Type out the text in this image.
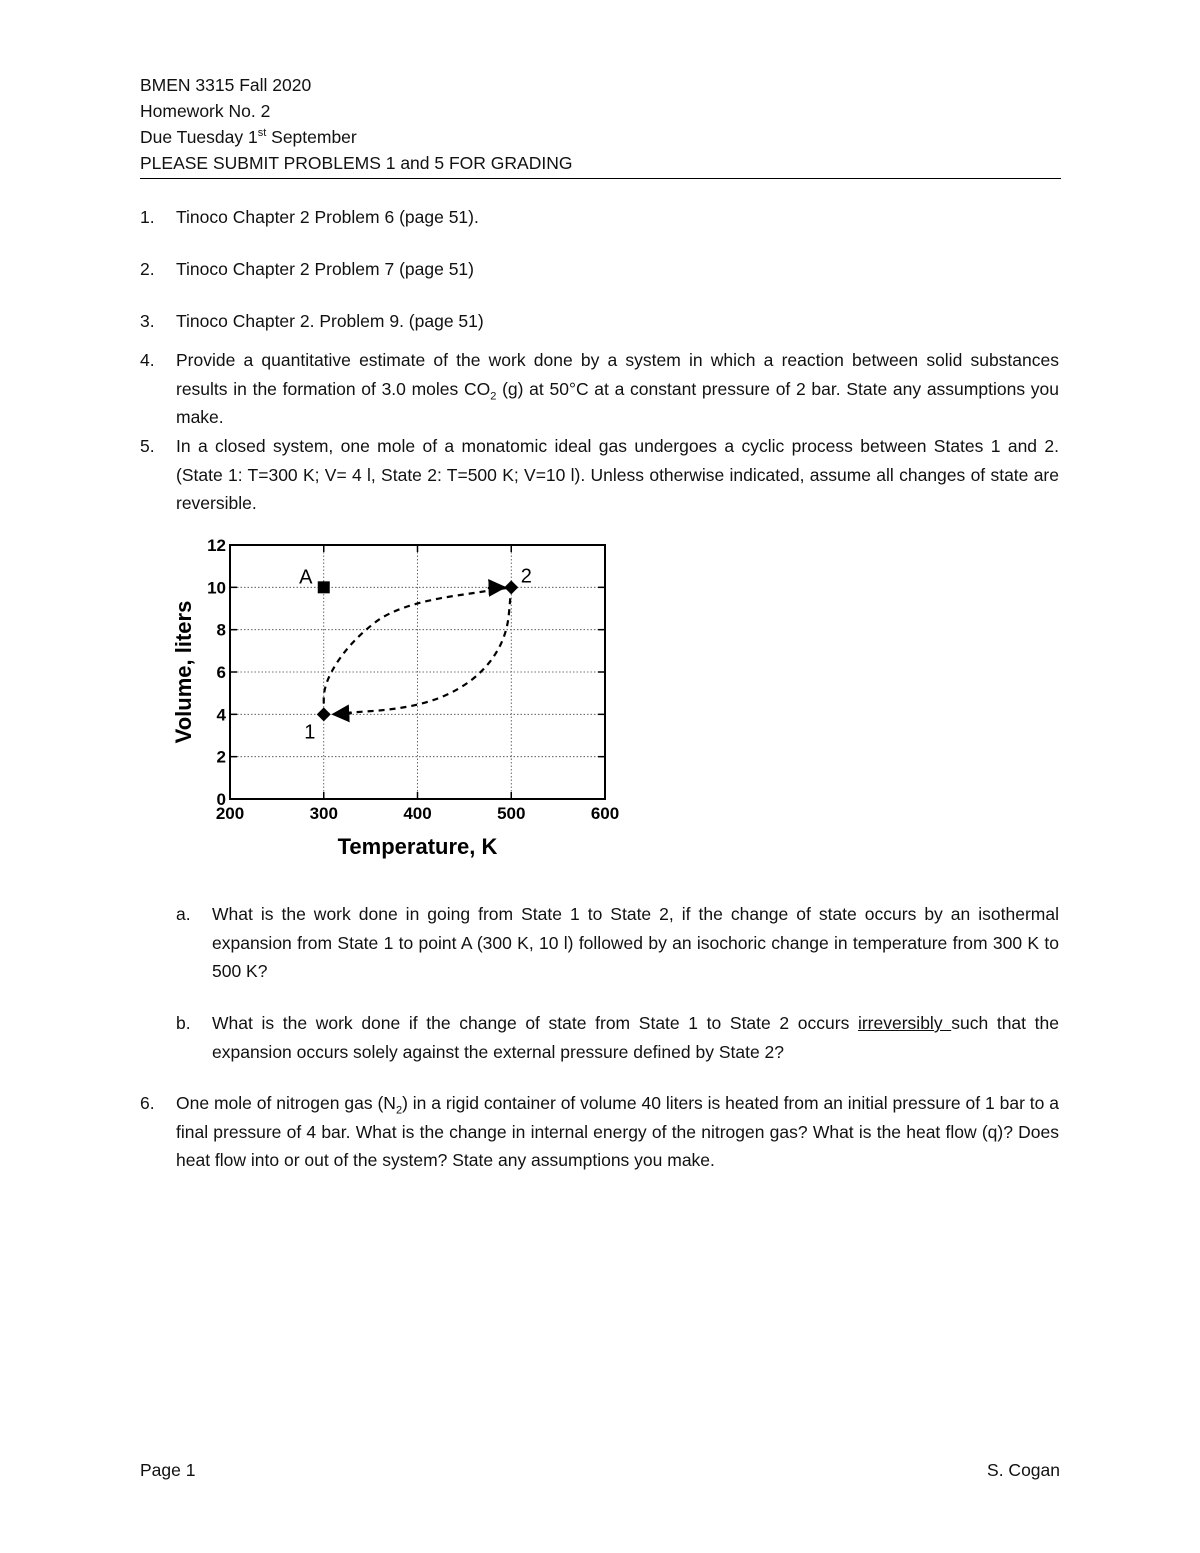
BMEN 3315 Fall 2020
Homework No. 2
Due Tuesday 1st September
PLEASE SUBMIT PROBLEMS 1 and 5 FOR GRADING
1.	Tinoco Chapter 2 Problem 6 (page 51).
2.	Tinoco Chapter 2 Problem 7 (page 51)
3.	Tinoco Chapter 2. Problem 9. (page 51)
4.	Provide a quantitative estimate of the work done by a system in which a reaction between solid substances results in the formation of 3.0 moles $CO_2$ (g) at 50°C at a constant pressure of 2 bar. State any assumptions you make.
5.	In a closed system, one mole of a monatomic ideal gas undergoes a cyclic process between States 1 and 2. (State 1: T=300 K; V= 4 l, State 2: T=500 K; V=10 l). Unless otherwise indicated, assume all changes of state are reversible.
200	300	400	500	600
0
2
4
6
8
10
12
Temperature, K
Volume, liters
A
1
2
a.	What is the work done in going from State 1 to State 2, if the change of state occurs by an isothermal expansion from State 1 to point A (300 K, 10 l) followed by an isochoric change in temperature from 300 K to 500 K?
b.	What is the work done if the change of state from State 1 to State 2 occurs irreversibly such that the expansion occurs solely against the external pressure defined by State 2?
6.	One mole of nitrogen gas $(N_2)$ in a rigid container of volume 40 liters is heated from an initial pressure of 1 bar to a final pressure of 4 bar. What is the change in internal energy of the nitrogen gas? What is the heat flow (q)? Does heat flow into or out of the system? State any assumptions you make.
Page 1	S. Cogan
